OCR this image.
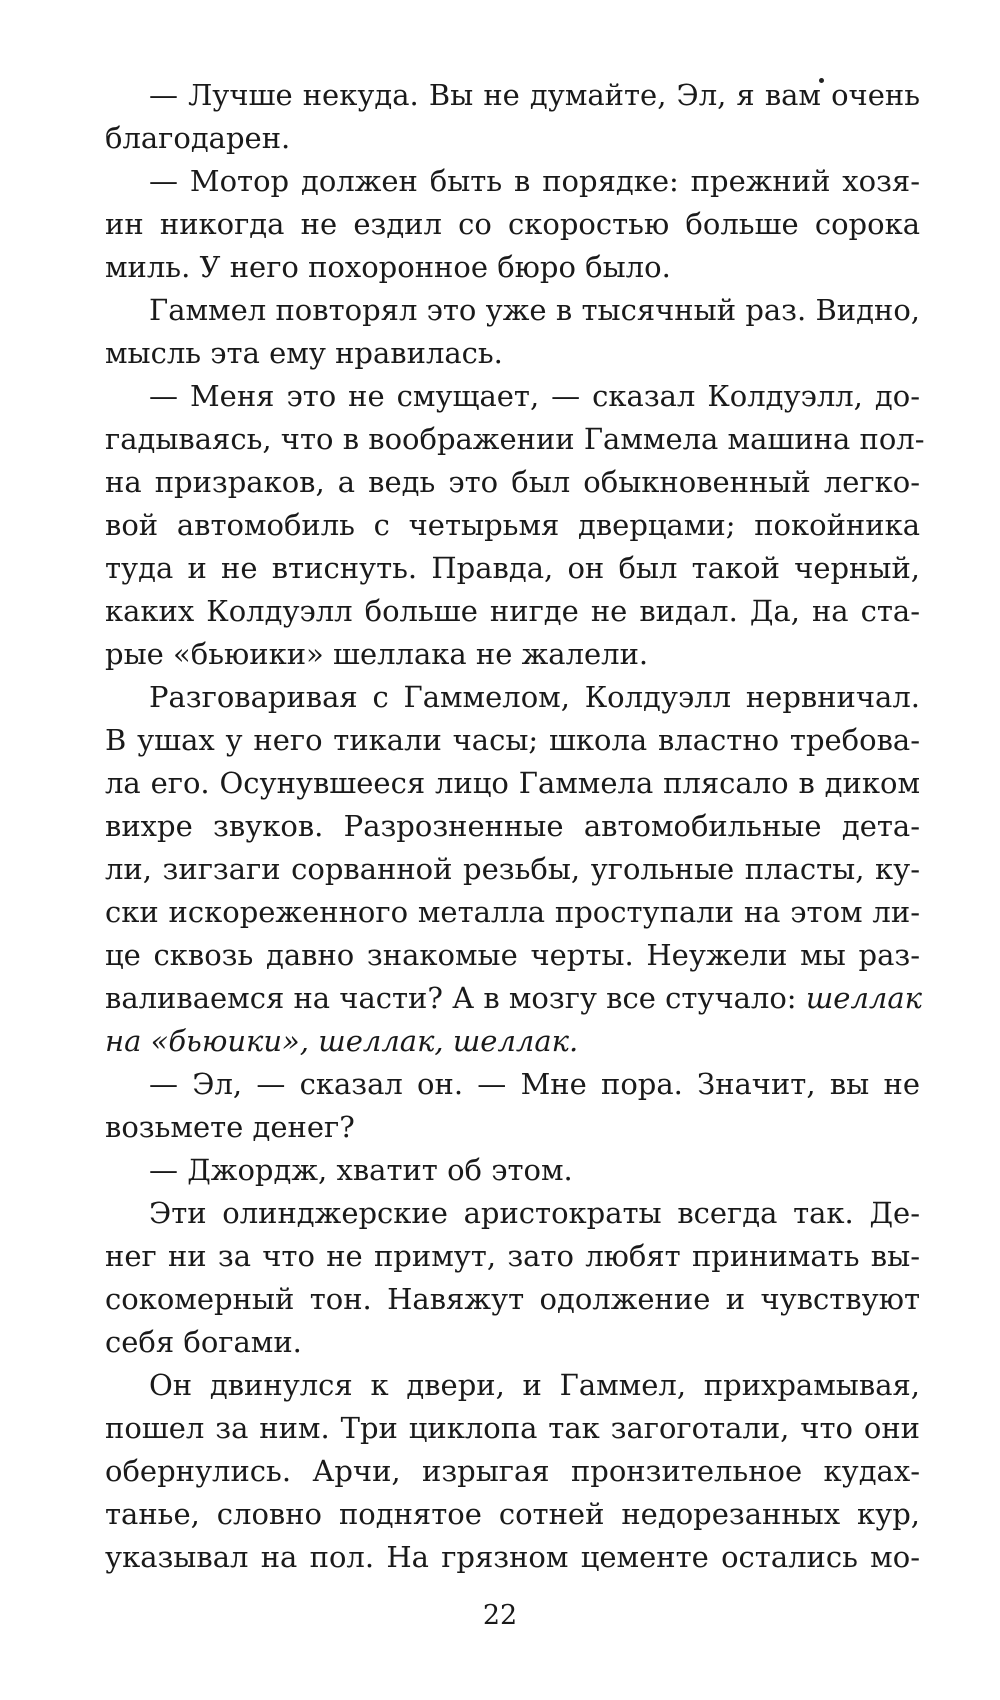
— Лучше некуда. Вы не думайте, Эл, я вам очень
благодарен.
— Мотор должен быть в порядке: прежний хозя-
ин никогда не ездил со скоростью больше сорока
миль. У него похоронное бюро было.
Гаммел повторял это уже в тысячный раз. Видно,
мысль эта ему нравилась.
— Меня это не смущает, — сказал Колдуэлл, до-
гадываясь, что в воображении Гаммела машина пол-
на призраков, а ведь это был обыкновенный легко-
вой автомобиль с четырьмя дверцами; покойника
туда и не втиснуть. Правда, он был такой черный,
каких Колдуэлл больше нигде не видал. Да, на ста-
рые «бьюики» шеллака не жалели.
Разговаривая с Гаммелом, Колдуэлл нервничал.
В ушах у него тикали часы; школа властно требова-
ла его. Осунувшееся лицо Гаммела плясало в диком
вихре звуков. Разрозненные автомобильные дета-
ли, зигзаги сорванной резьбы, угольные пласты, ку-
ски искореженного металла проступали на этом ли-
це сквозь давно знакомые черты. Неужели мы раз-
валиваемся на части? А в мозгу все стучало: шеллак
на «бьюики», шеллак, шеллак.
— Эл, — сказал он. — Мне пора. Значит, вы не
возьмете денег?
— Джордж, хватит об этом.
Эти олинджерские аристократы всегда так. Де-
нег ни за что не примут, зато любят принимать вы-
сокомерный тон. Навяжут одолжение и чувствуют
себя богами.
Он двинулся к двери, и Гаммел, прихрамывая,
пошел за ним. Три циклопа так загоготали, что они
обернулись. Арчи, изрыгая пронзительное кудах-
танье, словно поднятое сотней недорезанных кур,
указывал на пол. На грязном цементе остались мо-
22
